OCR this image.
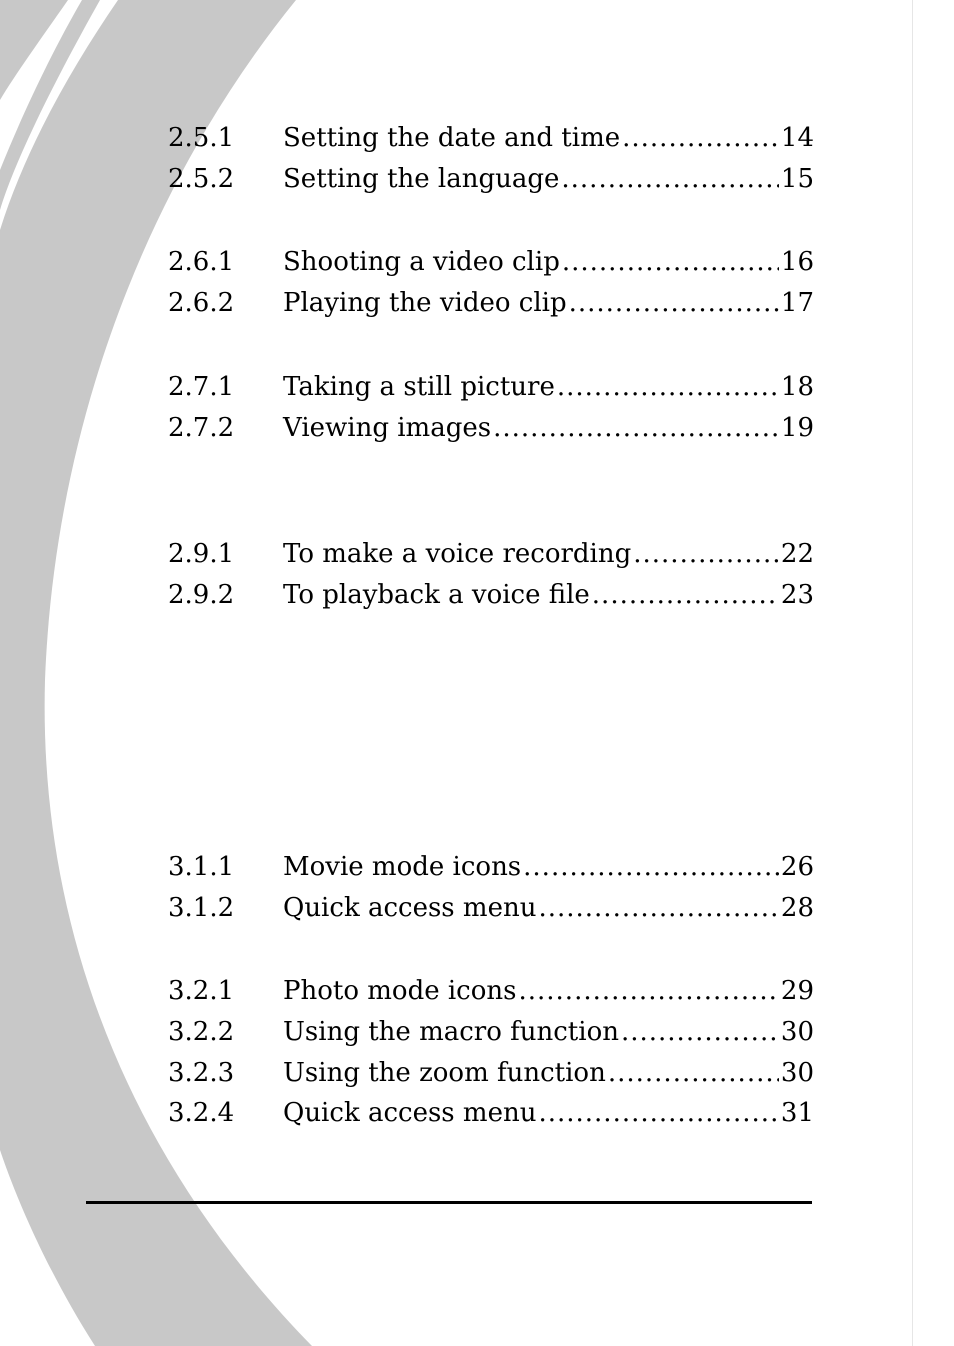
2.5.1	Setting the date and time .....	14
2.5.2	Setting the language .....	15
2.6.1	Shooting a video clip .....	16
2.6.2	Playing the video clip .....	17
2.7.1	Taking a still picture .....	18
2.7.2	Viewing images .....	19
2.9.1	To make a voice recording .....	22
2.9.2	To playback a voice file .....	23
3.1.1	Movie mode icons .....	26
3.1.2	Quick access menu .....	28
3.2.1	Photo mode icons .....	29
3.2.2	Using the macro function .....	30
3.2.3	Using the zoom function .....	30
3.2.4	Quick access menu .....	31
